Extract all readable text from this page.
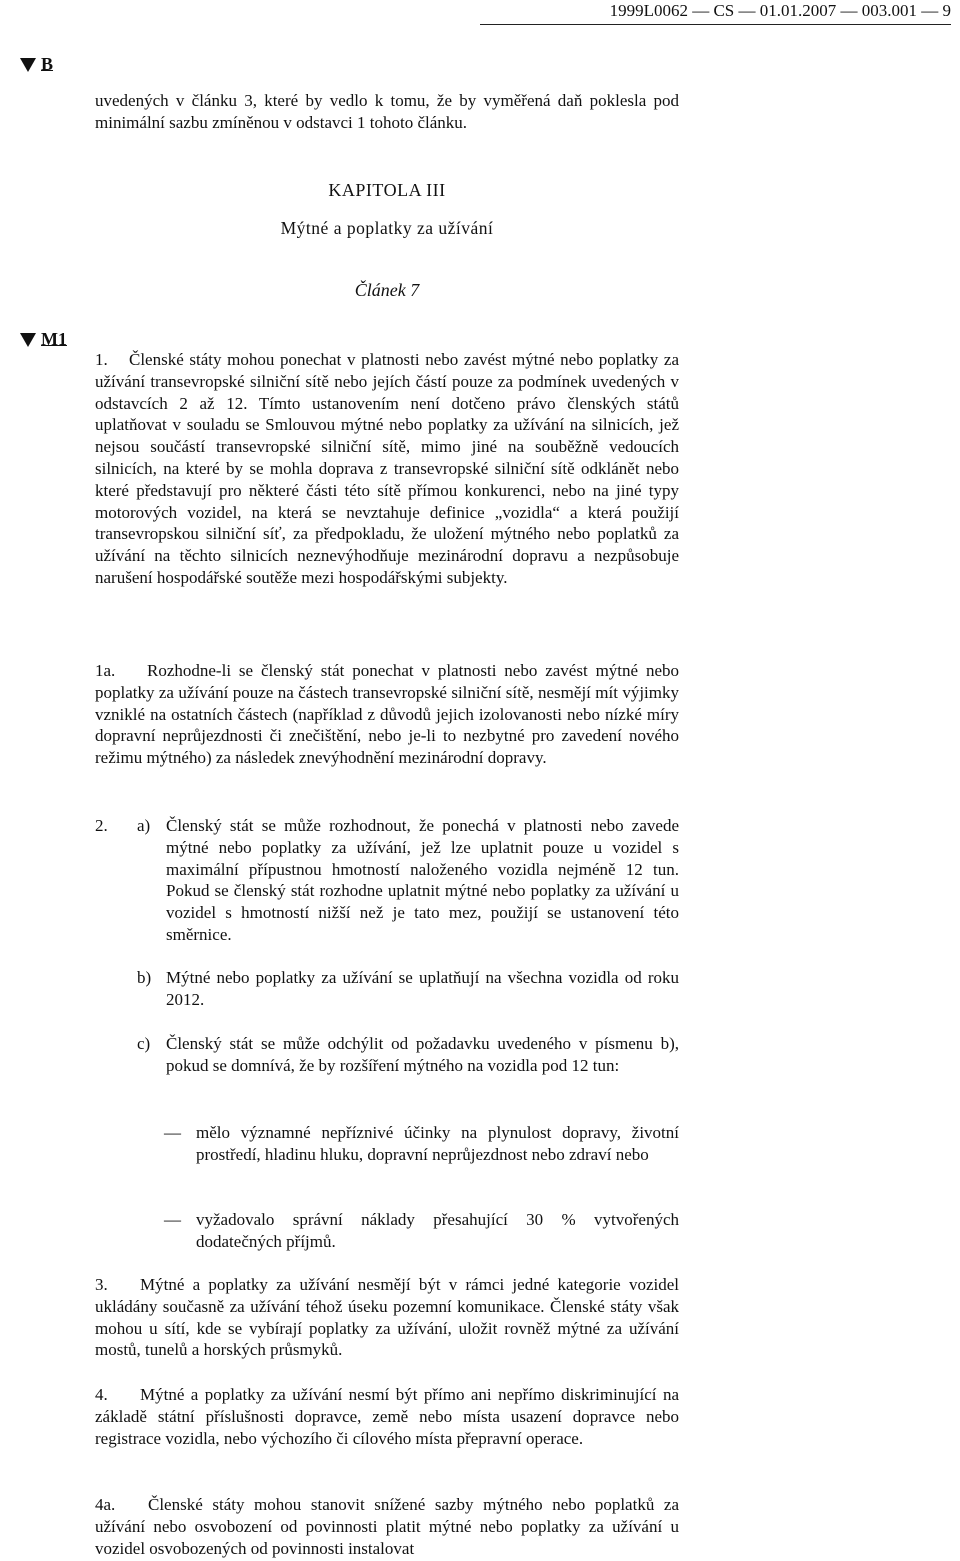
1999L0062 — CS — 01.01.2007 — 003.001 — 9
B
uvedených v článku 3, které by vedlo k tomu, že by vyměřená daň poklesla pod minimální sazbu zmíněnou v odstavci 1 tohoto článku.
KAPITOLA III
Mýtné a poplatky za užívání
Článek 7
M1
1. Členské státy mohou ponechat v platnosti nebo zavést mýtné nebo poplatky za užívání transevropské silniční sítě nebo jejích částí pouze za podmínek uvedených v odstavcích 2 až 12. Tímto ustanovením není dotčeno právo členských států uplatňovat v souladu se Smlouvou mýtné nebo poplatky za užívání na silnicích, jež nejsou součástí transevropské silniční sítě, mimo jiné na souběžně vedoucích silnicích, na které by se mohla doprava z transevropské silniční sítě odklánět nebo které představují pro některé části této sítě přímou konkurenci, nebo na jiné typy motorových vozidel, na která se nevztahuje definice „vozidla“ a která použijí transevropskou silniční síť, za předpokladu, že uložení mýtného nebo poplatků za užívání na těchto silnicích neznevýhodňuje mezinárodní dopravu a nezpůsobuje narušení hospodářské soutěže mezi hospodářskými subjekty.
1a. Rozhodne-li se členský stát ponechat v platnosti nebo zavést mýtné nebo poplatky za užívání pouze na částech transevropské silniční sítě, nesmějí mít výjimky vzniklé na ostatních částech (například z důvodů jejich izolovanosti nebo nízké míry dopravní neprůjezdnosti či znečištění, nebo je-li to nezbytné pro zavedení nového režimu mýtného) za následek znevýhodnění mezinárodní dopravy.
2.	a) Členský stát se může rozhodnout, že ponechá v platnosti nebo zavede mýtné nebo poplatky za užívání, jež lze uplatnit pouze u vozidel s maximální přípustnou hmotností naloženého vozidla nejméně 12 tun. Pokud se členský stát rozhodne uplatnit mýtné nebo poplatky za užívání u vozidel s hmotností nižší než je tato mez, použijí se ustanovení této směrnice.
b) Mýtné nebo poplatky za užívání se uplatňují na všechna vozidla od roku 2012.
c) Členský stát se může odchýlit od požadavku uvedeného v písmenu b), pokud se domnívá, že by rozšíření mýtného na vozidla pod 12 tun:
— mělo významné nepříznivé účinky na plynulost dopravy, životní prostředí, hladinu hluku, dopravní neprůjezdnost nebo zdraví nebo
— vyžadovalo správní náklady přesahující 30 % vytvořených dodatečných příjmů.
3. Mýtné a poplatky za užívání nesmějí být v rámci jedné kategorie vozidel ukládány současně za užívání téhož úseku pozemní komunikace. Členské státy však mohou u sítí, kde se vybírají poplatky za užívání, uložit rovněž mýtné za užívání mostů, tunelů a horských průsmyků.
4. Mýtné a poplatky za užívání nesmí být přímo ani nepřímo diskriminující na základě státní příslušnosti dopravce, země nebo místa usazení dopravce nebo registrace vozidla, nebo výchozího či cílového místa přepravní operace.
4a. Členské státy mohou stanovit snížené sazby mýtného nebo poplatků za užívání nebo osvobození od povinnosti platit mýtné nebo poplatky za užívání u vozidel osvobozených od povinnosti instalovat
